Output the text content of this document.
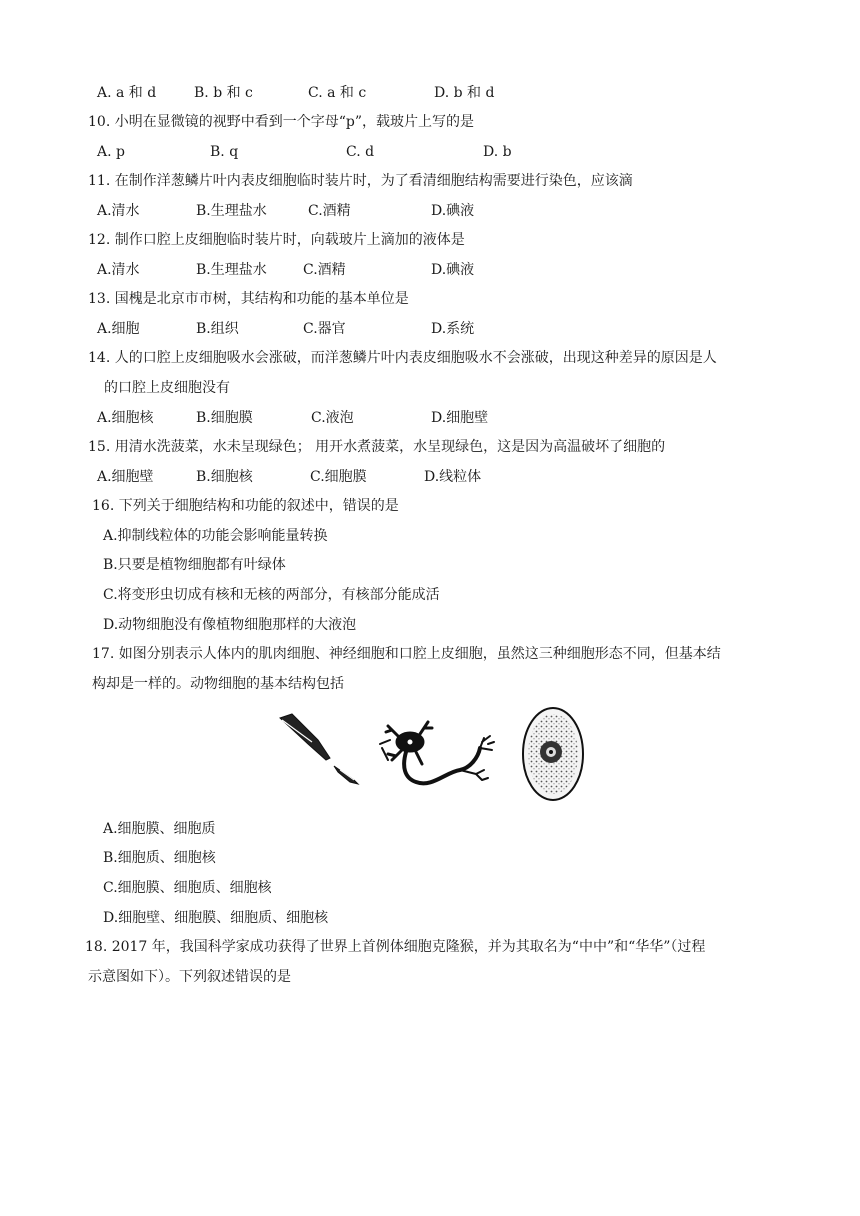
A. a 和 d	B. b 和 c	C. a 和 c	D. b 和 d
10. 小明在显微镜的视野中看到一个字母“p”，载玻片上写的是
A. p	B. q	C. d	D. b
11. 在制作洋葱鳞片叶内表皮细胞临时装片时，为了看清细胞结构需要进行染色，应该滴
A.清水	B.生理盐水	C.酒精	D.碘液
12. 制作口腔上皮细胞临时装片时，向载玻片上滴加的液体是
A.清水	B.生理盐水	C.酒精	D.碘液
13. 国槐是北京市市树，其结构和功能的基本单位是
A.细胞	B.组织	C.器官	D.系统
14. 人的口腔上皮细胞吸水会涨破，而洋葱鳞片叶内表皮细胞吸水不会涨破，出现这种差异的原因是人
的口腔上皮细胞没有
A.细胞核	B.细胞膜	C.液泡	D.细胞壁
15. 用清水洗菠菜，水未呈现绿色； 用开水煮菠菜，水呈现绿色，这是因为高温破坏了细胞的
A.细胞壁	B.细胞核	C.细胞膜	D.线粒体
16. 下列关于细胞结构和功能的叙述中，错误的是
A.抑制线粒体的功能会影响能量转换
B.只要是植物细胞都有叶绿体
C.将变形虫切成有核和无核的两部分，有核部分能成活
D.动物细胞没有像植物细胞那样的大液泡
17. 如图分别表示人体内的肌肉细胞、神经细胞和口腔上皮细胞，虽然这三种细胞形态不同，但基本结
构却是一样的。动物细胞的基本结构包括
A.细胞膜、细胞质
B.细胞质、细胞核
C.细胞膜、细胞质、细胞核
D.细胞壁、细胞膜、细胞质、细胞核
18. 2017 年，我国科学家成功获得了世界上首例体细胞克隆猴，并为其取名为“中中”和“华华”（过程
示意图如下）。下列叙述错误的是
